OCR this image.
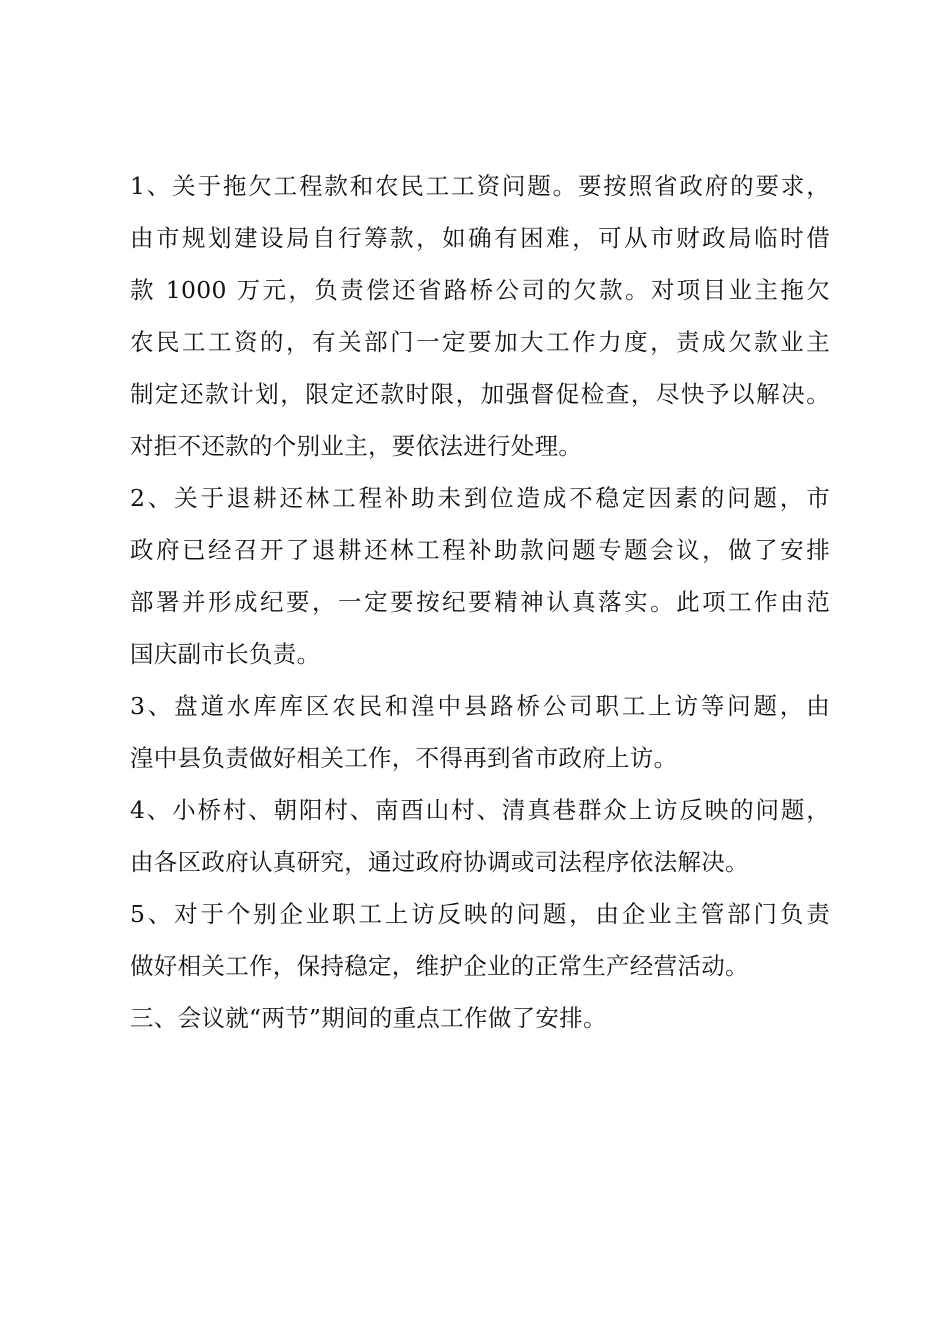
1、关于拖欠工程款和农民工工资问题。要按照省政府的要求，
由市规划建设局自行筹款，如确有困难，可从市财政局临时借
款 1000 万元，负责偿还省路桥公司的欠款。对项目业主拖欠
农民工工资的，有关部门一定要加大工作力度，责成欠款业主
制定还款计划，限定还款时限，加强督促检查，尽快予以解决。
对拒不还款的个别业主，要依法进行处理。
2、关于退耕还林工程补助未到位造成不稳定因素的问题，市
政府已经召开了退耕还林工程补助款问题专题会议，做了安排
部署并形成纪要，一定要按纪要精神认真落实。此项工作由范
国庆副市长负责。
3、盘道水库库区农民和湟中县路桥公司职工上访等问题，由
湟中县负责做好相关工作，不得再到省市政府上访。
4、小桥村、朝阳村、南酉山村、清真巷群众上访反映的问题，
由各区政府认真研究，通过政府协调或司法程序依法解决。
5、对于个别企业职工上访反映的问题，由企业主管部门负责
做好相关工作，保持稳定，维护企业的正常生产经营活动。
三、会议就“两节”期间的重点工作做了安排。
